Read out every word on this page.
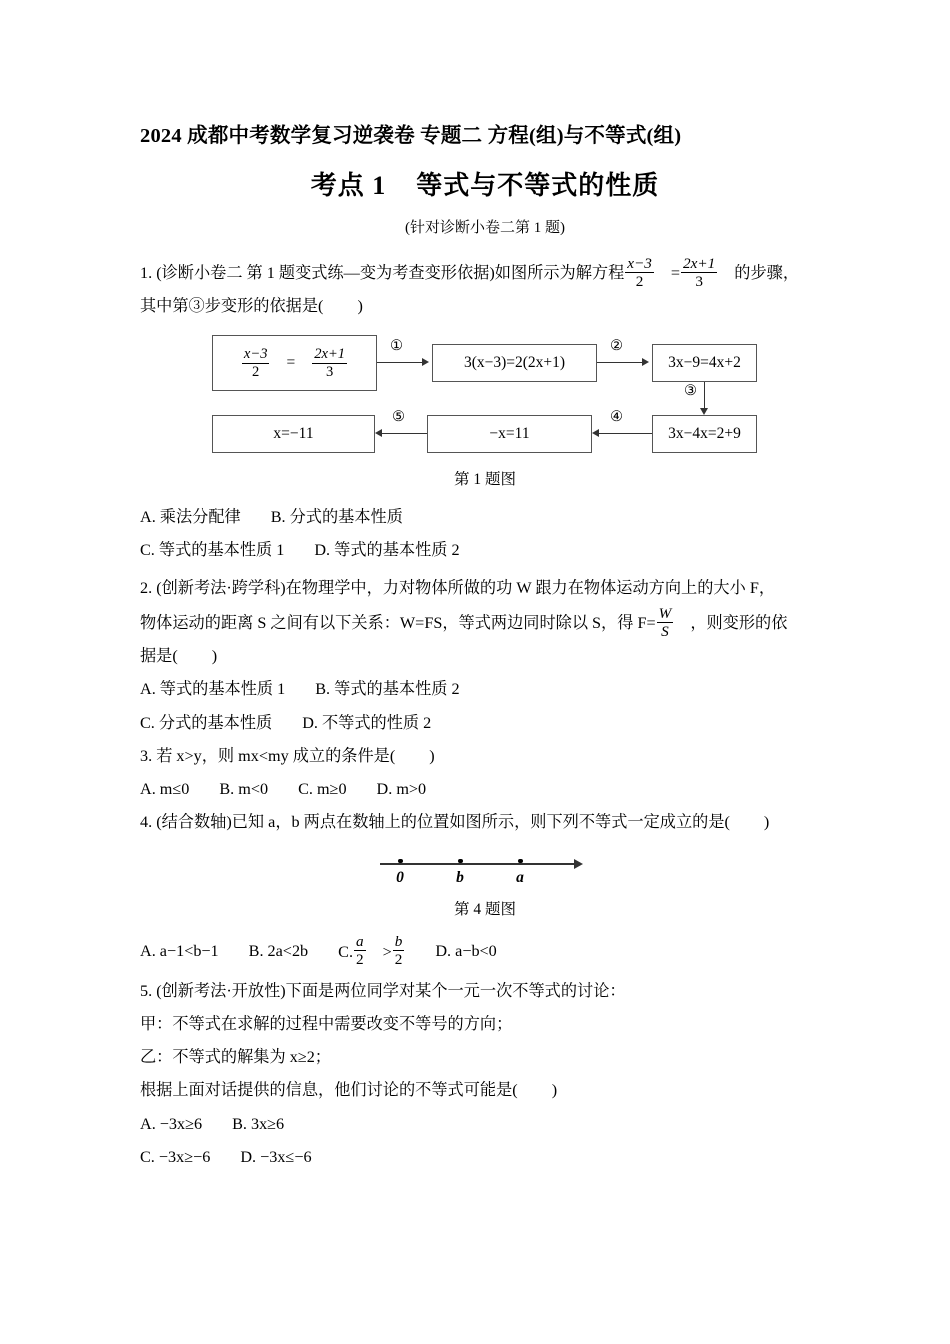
2024 成都中考数学复习逆袭卷 专题二 方程(组)与不等式(组)
考点 1 等式与不等式的性质
(针对诊断小卷二第 1 题)
1. (诊断小卷二 第 1 题变式练—变为考查变形依据)如图所示为解方程 $\frac{x-3}{2} = \frac{2x+1}{3}$ 的步骤，
其中第③步变形的依据是( )
$\frac{x-3}{2} = \frac{2x+1}{3}$
①
3(x−3)=2(2x+1)
②
3x−9=4x+2
③
3x−4x=2+9
④
−x=11
⑤
x=−11
第 1 题图
A. 乘法分配律 B. 分式的基本性质
C. 等式的基本性质 1 D. 等式的基本性质 2
2. (创新考法·跨学科)在物理学中，力对物体所做的功 W 跟力在物体运动方向上的大小 F，
物体运动的距离 S 之间有以下关系：W=FS，等式两边同时除以 S，得 $F= \frac{W}{S}$ ，则变形的依
据是( )
A. 等式的基本性质 1 B. 等式的基本性质 2
C. 分式的基本性质 D. 不等式的性质 2
3. 若 x>y，则 mx<my 成立的条件是( )
A. m≤0 B. m<0 C. m≥0 D. m>0
4. (结合数轴)已知 a，b 两点在数轴上的位置如图所示，则下列不等式一定成立的是( )
0	b	a
第 4 题图
A. a−1<b−1 B. 2a<2b C. $\frac{a}{2} > \frac{b}{2} D$. a−b<0
5. (创新考法·开放性)下面是两位同学对某个一元一次不等式的讨论：
甲：不等式在求解的过程中需要改变不等号的方向；
乙：不等式的解集为 x≥2；
根据上面对话提供的信息，他们讨论的不等式可能是( )
A. −3x≥6 B. 3x≥6
C. −3x≥−6 D. −3x≤−6
